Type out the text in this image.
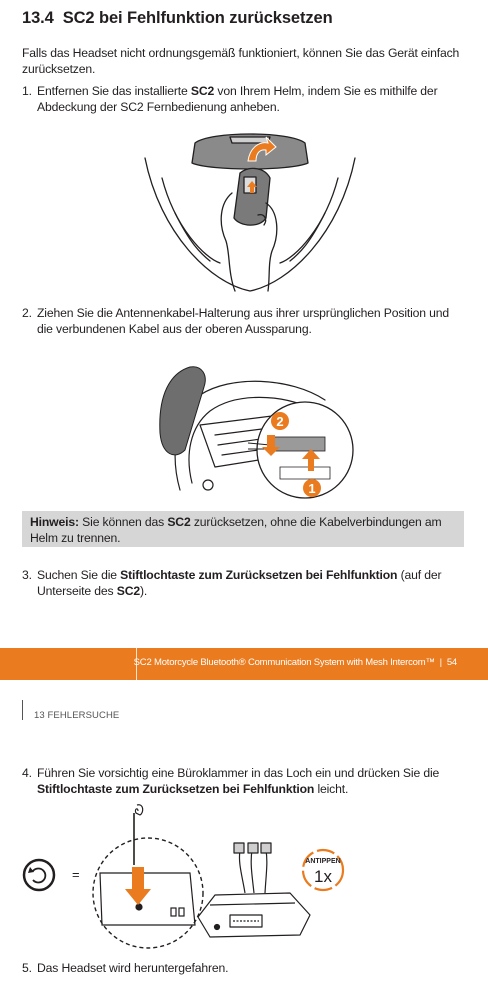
13.4 SC2 bei Fehlfunktion zurücksetzen
Falls das Headset nicht ordnungsgemäß funktioniert, können Sie das Gerät einfach zurücksetzen.
1. Entfernen Sie das installierte SC2 von Ihrem Helm, indem Sie es mithilfe der Abdeckung der SC2 Fernbedienung anheben.
2. Ziehen Sie die Antennenkabel-Halterung aus ihrer ursprünglichen Position und die verbundenen Kabel aus der oberen Aussparung.
2
1
Hinweis: Sie können das SC2 zurücksetzen, ohne die Kabelverbindungen am Helm zu trennen.
3. Suchen Sie die Stiftlochtaste zum Zurücksetzen bei Fehlfunktion (auf der Unterseite des SC2).
SC2 Motorcycle Bluetooth® Communication System with Mesh Intercom™ | 54
13 FEHLERSUCHE
4. Führen Sie vorsichtig eine Büroklammer in das Loch ein und drücken Sie die Stiftlochtaste zum Zurücksetzen bei Fehlfunktion leicht.
=
ANTIPPEN
1x
5. Das Headset wird heruntergefahren.
